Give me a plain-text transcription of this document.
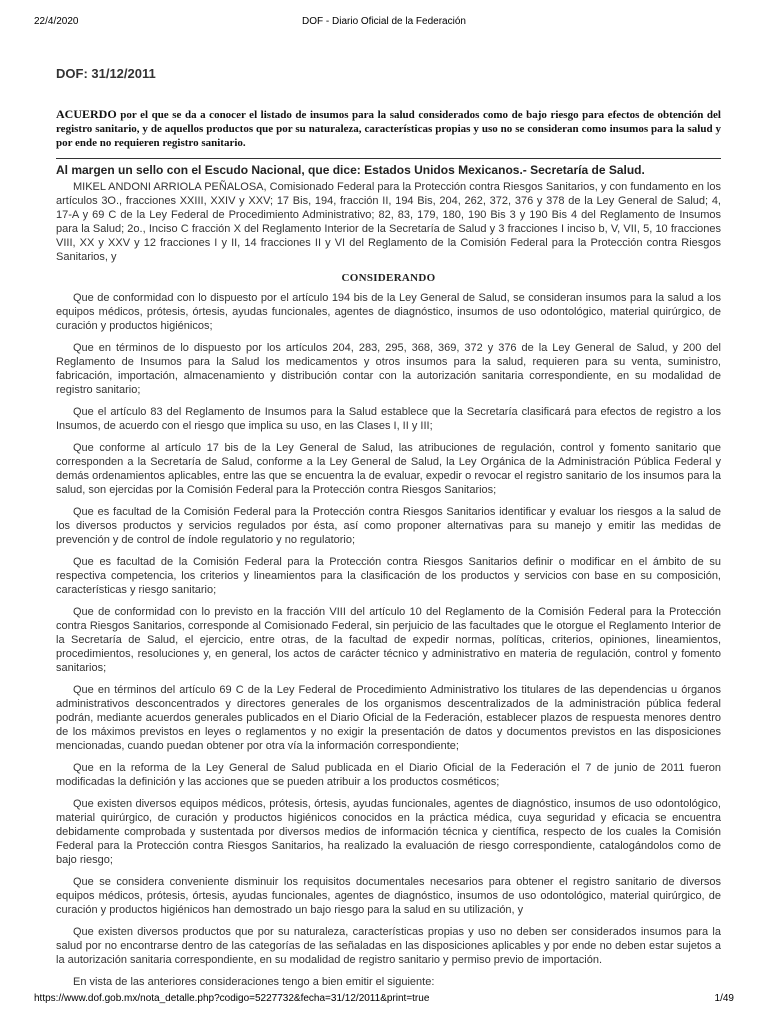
22/4/2020	DOF - Diario Oficial de la Federación
DOF: 31/12/2011
ACUERDO por el que se da a conocer el listado de insumos para la salud considerados como de bajo riesgo para efectos de obtención del registro sanitario, y de aquellos productos que por su naturaleza, características propias y uso no se consideran como insumos para la salud y por ende no requieren registro sanitario.
Al margen un sello con el Escudo Nacional, que dice: Estados Unidos Mexicanos.- Secretaría de Salud.

MIKEL ANDONI ARRIOLA PEÑALOSA, Comisionado Federal para la Protección contra Riesgos Sanitarios, y con fundamento en los artículos 3O., fracciones XXIII, XXIV y XXV; 17 Bis, 194, fracción II, 194 Bis, 204, 262, 372, 376 y 378 de la Ley General de Salud; 4, 17-A y 69 C de la Ley Federal de Procedimiento Administrativo; 82, 83, 179, 180, 190 Bis 3 y 190 Bis 4 del Reglamento de Insumos para la Salud; 2o., Inciso C fracción X del Reglamento Interior de la Secretaría de Salud y 3 fracciones I inciso b, V, VII, 5, 10 fracciones VIII, XX y XXV y 12 fracciones I y II, 14 fracciones II y VI del Reglamento de la Comisión Federal para la Protección contra Riesgos Sanitarios, y

CONSIDERANDO

Que de conformidad con lo dispuesto por el artículo 194 bis de la Ley General de Salud, se consideran insumos para la salud a los equipos médicos, prótesis, órtesis, ayudas funcionales, agentes de diagnóstico, insumos de uso odontológico, material quirúrgico, de curación y productos higiénicos;

Que en términos de lo dispuesto por los artículos 204, 283, 295, 368, 369, 372 y 376 de la Ley General de Salud, y 200 del Reglamento de Insumos para la Salud los medicamentos y otros insumos para la salud, requieren para su venta, suministro, fabricación, importación, almacenamiento y distribución contar con la autorización sanitaria correspondiente, en su modalidad de registro sanitario;

Que el artículo 83 del Reglamento de Insumos para la Salud establece que la Secretaría clasificará para efectos de registro a los Insumos, de acuerdo con el riesgo que implica su uso, en las Clases I, II y III;

Que conforme al artículo 17 bis de la Ley General de Salud, las atribuciones de regulación, control y fomento sanitario que corresponden a la Secretaría de Salud, conforme a la Ley General de Salud, la Ley Orgánica de la Administración Pública Federal y demás ordenamientos aplicables, entre las que se encuentra la de evaluar, expedir o revocar el registro sanitario de los insumos para la salud, son ejercidas por la Comisión Federal para la Protección contra Riesgos Sanitarios;

Que es facultad de la Comisión Federal para la Protección contra Riesgos Sanitarios identificar y evaluar los riesgos a la salud de los diversos productos y servicios regulados por ésta, así como proponer alternativas para su manejo y emitir las medidas de prevención y de control de índole regulatorio y no regulatorio;

Que es facultad de la Comisión Federal para la Protección contra Riesgos Sanitarios definir o modificar en el ámbito de su respectiva competencia, los criterios y lineamientos para la clasificación de los productos y servicios con base en su composición, características y riesgo sanitario;

Que de conformidad con lo previsto en la fracción VIII del artículo 10 del Reglamento de la Comisión Federal para la Protección contra Riesgos Sanitarios, corresponde al Comisionado Federal, sin perjuicio de las facultades que le otorgue el Reglamento Interior de la Secretaría de Salud, el ejercicio, entre otras, de la facultad de expedir normas, políticas, criterios, opiniones, lineamientos, procedimientos, resoluciones y, en general, los actos de carácter técnico y administrativo en materia de regulación, control y fomento sanitarios;

Que en términos del artículo 69 C de la Ley Federal de Procedimiento Administrativo los titulares de las dependencias u órganos administrativos desconcentrados y directores generales de los organismos descentralizados de la administración pública federal podrán, mediante acuerdos generales publicados en el Diario Oficial de la Federación, establecer plazos de respuesta menores dentro de los máximos previstos en leyes o reglamentos y no exigir la presentación de datos y documentos previstos en las disposiciones mencionadas, cuando puedan obtener por otra vía la información correspondiente;

Que en la reforma de la Ley General de Salud publicada en el Diario Oficial de la Federación el 7 de junio de 2011 fueron modificadas la definición y las acciones que se pueden atribuir a los productos cosméticos;

Que existen diversos equipos médicos, prótesis, órtesis, ayudas funcionales, agentes de diagnóstico, insumos de uso odontológico, material quirúrgico, de curación y productos higiénicos conocidos en la práctica médica, cuya seguridad y eficacia se encuentra debidamente comprobada y sustentada por diversos medios de información técnica y científica, respecto de los cuales la Comisión Federal para la Protección contra Riesgos Sanitarios, ha realizado la evaluación de riesgo correspondiente, catalogándolos como de bajo riesgo;

Que se considera conveniente disminuir los requisitos documentales necesarios para obtener el registro sanitario de diversos equipos médicos, prótesis, órtesis, ayudas funcionales, agentes de diagnóstico, insumos de uso odontológico, material quirúrgico, de curación y productos higiénicos han demostrado un bajo riesgo para la salud en su utilización, y

Que existen diversos productos que por su naturaleza, características propias y uso no deben ser considerados insumos para la salud por no encontrarse dentro de las categorías de las señaladas en las disposiciones aplicables y por ende no deben estar sujetos a la autorización sanitaria correspondiente, en su modalidad de registro sanitario y permiso previo de importación.

En vista de las anteriores consideraciones tengo a bien emitir el siguiente:

https://www.dof.gob.mx/nota_detalle.php?codigo=5227732&fecha=31/12/2011&print=true	1/49
